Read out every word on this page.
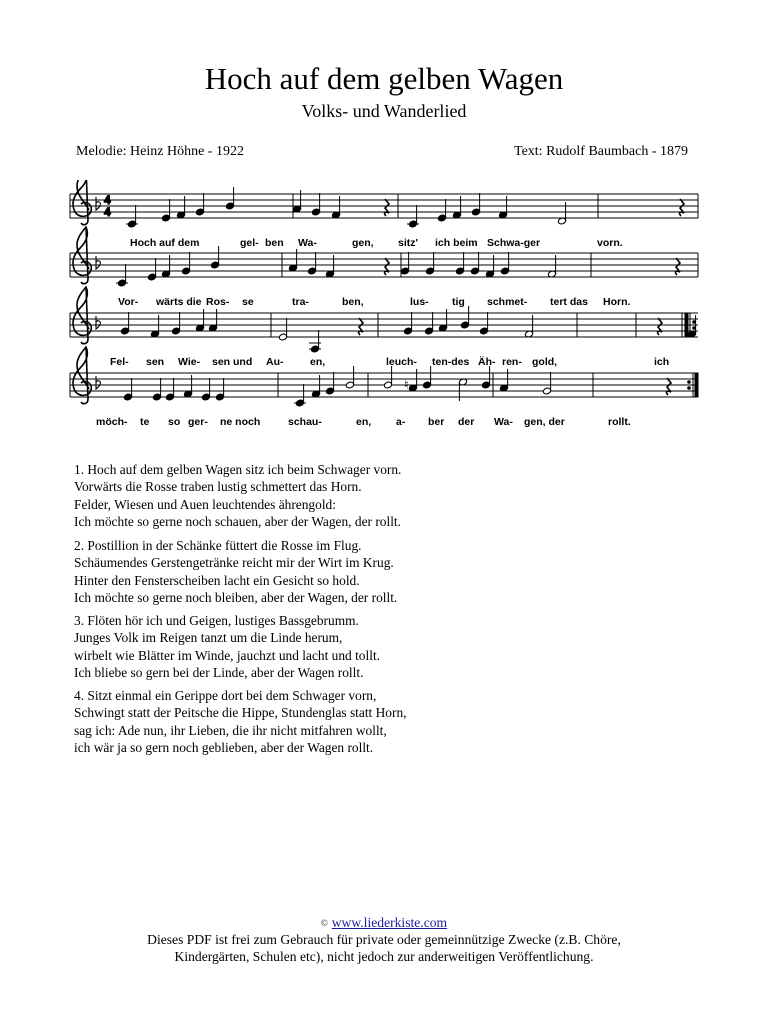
Hoch auf dem gelben Wagen
Volks- und Wanderlied
Melodie: Heinz Höhne - 1922	Text: Rudolf Baumbach - 1879
4
4
♮
Hoch auf dem	gel- ben Wa-	gen, sitz' ich beim Schwa-ger	vorn.
Vor- wärts die Ros- se	tra-	ben,	lus- tig schmet- tert das Horn.
Fel- sen Wie- sen und Au-	en,	leuch- ten-des Äh- ren- gold,	ich
möch- te so ger- ne noch	schau-	en, a- ber der Wa- gen, der	rollt.
1. Hoch auf dem gelben Wagen sitz ich beim Schwager vorn.
Vorwärts die Rosse traben lustig schmettert das Horn.
Felder, Wiesen und Auen leuchtendes ährengold:
Ich möchte so gerne noch schauen, aber der Wagen, der rollt.
2. Postillion in der Schänke füttert die Rosse im Flug.
Schäumendes Gerstengetränke reicht mir der Wirt im Krug.
Hinter den Fensterscheiben lacht ein Gesicht so hold.
Ich möchte so gerne noch bleiben, aber der Wagen, der rollt.
3. Flöten hör ich und Geigen, lustiges Bassgebrumm.
Junges Volk im Reigen tanzt um die Linde herum,
wirbelt wie Blätter im Winde, jauchzt und lacht und tollt.
Ich bliebe so gern bei der Linde, aber der Wagen rollt.
4. Sitzt einmal ein Gerippe dort bei dem Schwager vorn,
Schwingt statt der Peitsche die Hippe, Stundenglas statt Horn,
sag ich: Ade nun, ihr Lieben, die ihr nicht mitfahren wollt,
ich wär ja so gern noch geblieben, aber der Wagen rollt.
© www.liederkiste.com
Dieses PDF ist frei zum Gebrauch für private oder gemeinnützige Zwecke (z.B. Chöre,
Kindergärten, Schulen etc), nicht jedoch zur anderweitigen Veröffentlichung.
